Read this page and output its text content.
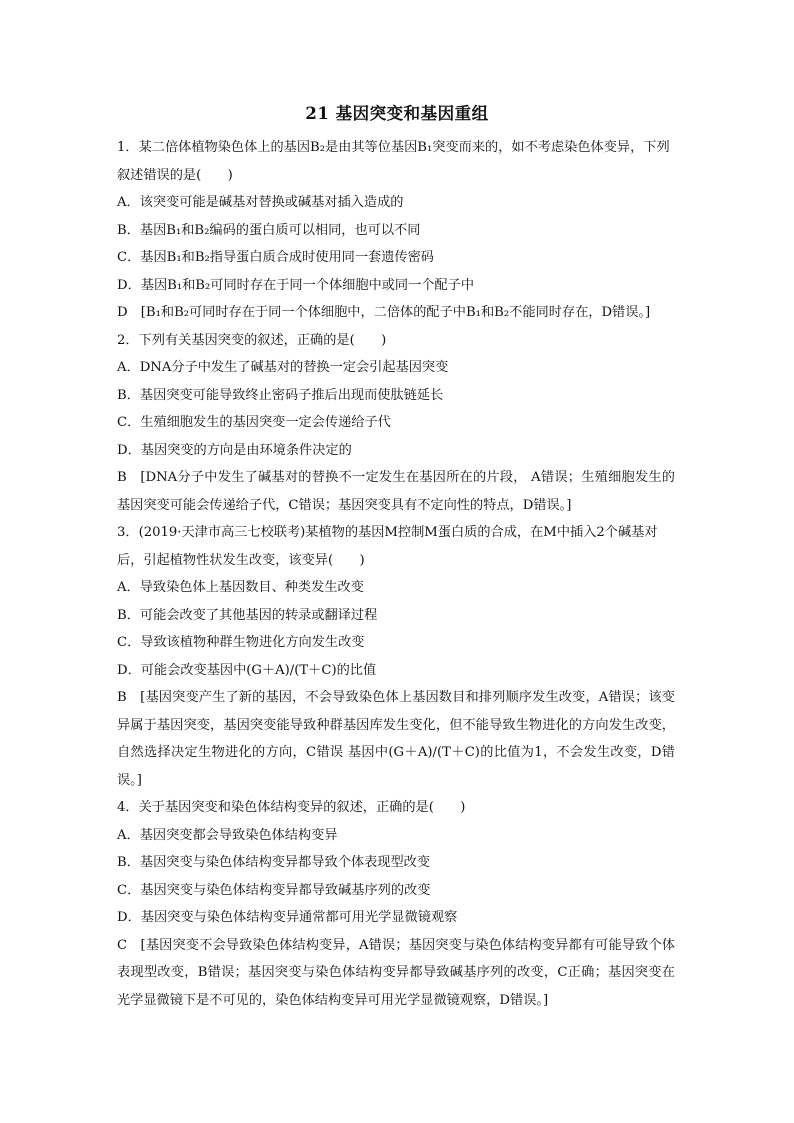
21 基因突变和基因重组

1．某二倍体植物染色体上的基因B₂是由其等位基因B₁突变而来的，如不考虑染色体变异，下列叙述错误的是(　　)

A．该突变可能是碱基对替换或碱基对插入造成的

B．基因B₁和B₂编码的蛋白质可以相同，也可以不同

C．基因B₁和B₂指导蛋白质合成时使用同一套遗传密码

D．基因B₁和B₂可同时存在于同一个体细胞中或同一个配子中

D　[B₁和B₂可同时存在于同一个体细胞中，二倍体的配子中B₁和B₂不能同时存在，D错误。]

2．下列有关基因突变的叙述，正确的是(　　)

A．DNA分子中发生了碱基对的替换一定会引起基因突变

B．基因突变可能导致终止密码子推后出现而使肽链延长

C．生殖细胞发生的基因突变一定会传递给子代

D．基因突变的方向是由环境条件决定的

B　[DNA分子中发生了碱基对的替换不一定发生在基因所在的片段， A错误；生殖细胞发生的基因突变可能会传递给子代，C错误；基因突变具有不定向性的特点，D错误。]

3．(2019·天津市高三七校联考)某植物的基因M控制M蛋白质的合成，在M中插入2个碱基对后，引起植物性状发生改变，该变异(　　)

A．导致染色体上基因数目、种类发生改变

B．可能会改变了其他基因的转录或翻译过程

C．导致该植物种群生物进化方向发生改变

D．可能会改变基因中(G＋A)/(T＋C)的比值

B　[基因突变产生了新的基因，不会导致染色体上基因数目和排列顺序发生改变，A错误；该变异属于基因突变，基因突变能导致种群基因库发生变化，但不能导致生物进化的方向发生改变，自然选择决定生物进化的方向，C错误 基因中(G＋A)/(T＋C)的比值为1，不会发生改变，D错误。]

4．关于基因突变和染色体结构变异的叙述，正确的是(　　)

A．基因突变都会导致染色体结构变异

B．基因突变与染色体结构变异都导致个体表现型改变

C．基因突变与染色体结构变异都导致碱基序列的改变

D．基因突变与染色体结构变异通常都可用光学显微镜观察

C　[基因突变不会导致染色体结构变异，A错误；基因突变与染色体结构变异都有可能导致个体表现型改变，B错误；基因突变与染色体结构变异都导致碱基序列的改变，C正确；基因突变在光学显微镜下是不可见的，染色体结构变异可用光学显微镜观察，D错误。]
